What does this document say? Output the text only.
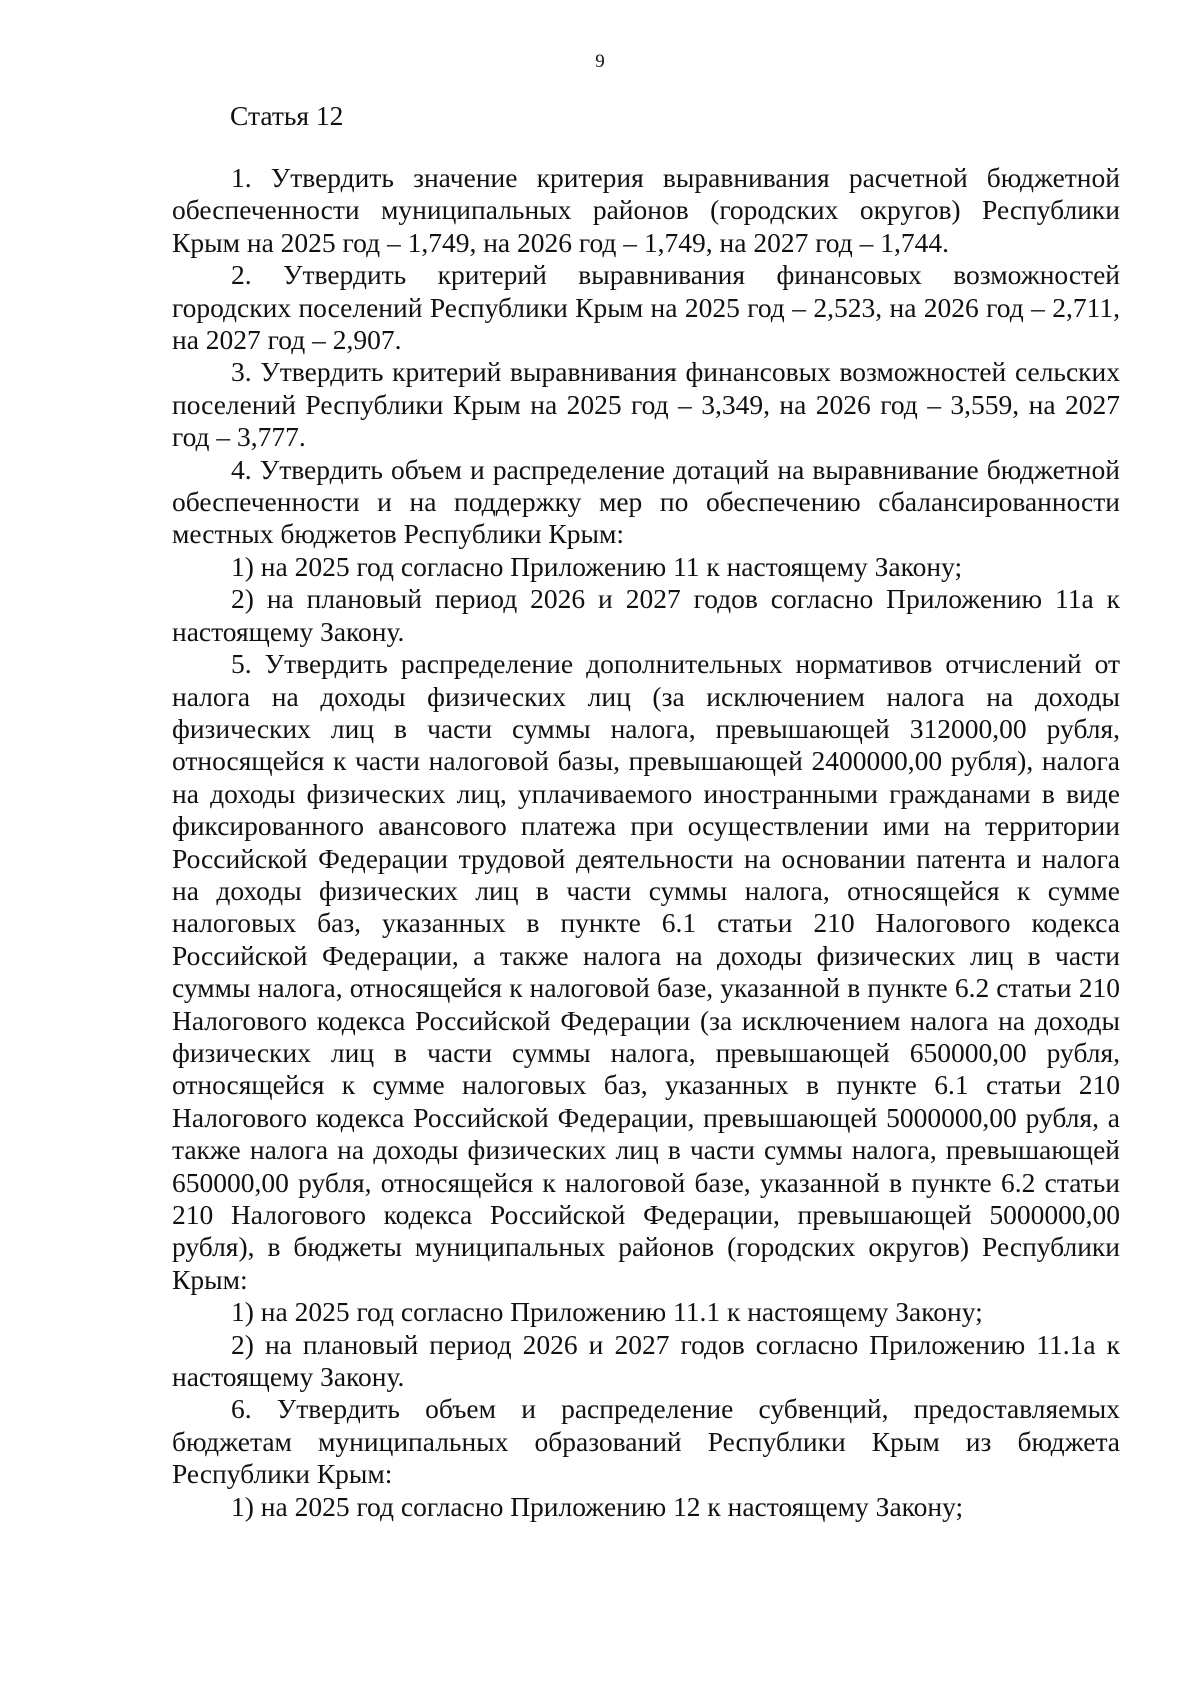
9
Статья 12

1. Утвердить значение критерия выравнивания расчетной бюджетной обеспеченности муниципальных районов (городских округов) Республики Крым на 2025 год – 1,749, на 2026 год – 1,749, на 2027 год – 1,744.

2. Утвердить критерий выравнивания финансовых возможностей городских поселений Республики Крым на 2025 год – 2,523, на 2026 год – 2,711, на 2027 год – 2,907.

3. Утвердить критерий выравнивания финансовых возможностей сельских поселений Республики Крым на 2025 год – 3,349, на 2026 год – 3,559, на 2027 год – 3,777.

4. Утвердить объем и распределение дотаций на выравнивание бюджетной обеспеченности и на поддержку мер по обеспечению сбалансированности местных бюджетов Республики Крым:

1) на 2025 год согласно Приложению 11 к настоящему Закону;

2) на плановый период 2026 и 2027 годов согласно Приложению 11а к настоящему Закону.

5. Утвердить распределение дополнительных нормативов отчислений от налога на доходы физических лиц (за исключением налога на доходы физических лиц в части суммы налога, превышающей 312000,00 рубля, относящейся к части налоговой базы, превышающей 2400000,00 рубля), налога на доходы физических лиц, уплачиваемого иностранными гражданами в виде фиксированного авансового платежа при осуществлении ими на территории Российской Федерации трудовой деятельности на основании патента и налога на доходы физических лиц в части суммы налога, относящейся к сумме налоговых баз, указанных в пункте 6.1 статьи 210 Налогового кодекса Российской Федерации, а также налога на доходы физических лиц в части суммы налога, относящейся к налоговой базе, указанной в пункте 6.2 статьи 210 Налогового кодекса Российской Федерации (за исключением налога на доходы физических лиц в части суммы налога, превышающей 650000,00 рубля, относящейся к сумме налоговых баз, указанных в пункте 6.1 статьи 210 Налогового кодекса Российской Федерации, превышающей 5000000,00 рубля, а также налога на доходы физических лиц в части суммы налога, превышающей 650000,00 рубля, относящейся к налоговой базе, указанной в пункте 6.2 статьи 210 Налогового кодекса Российской Федерации, превышающей 5000000,00 рубля), в бюджеты муниципальных районов (городских округов) Республики Крым:

1) на 2025 год согласно Приложению 11.1 к настоящему Закону;

2) на плановый период 2026 и 2027 годов согласно Приложению 11.1а к настоящему Закону.

6. Утвердить объем и распределение субвенций, предоставляемых бюджетам муниципальных образований Республики Крым из бюджета Республики Крым:

1) на 2025 год согласно Приложению 12 к настоящему Закону;
